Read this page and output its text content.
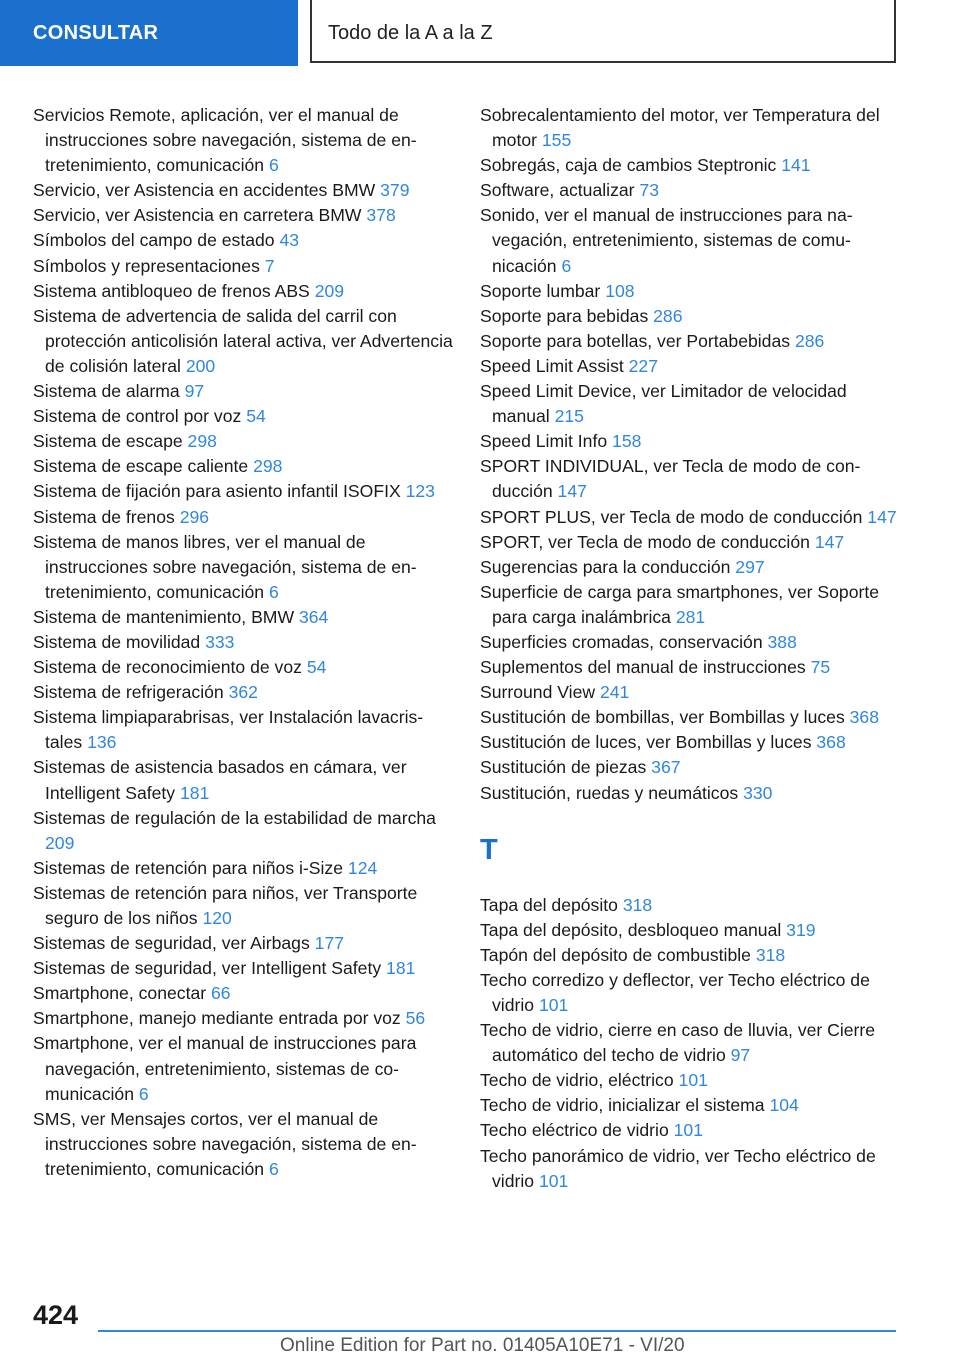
CONSULTAR	Todo de la A a la Z
Servicios Remote, aplicación, ver el manual de instrucciones sobre navegación, sistema de entretenimiento, comunicación 6
Servicio, ver Asistencia en accidentes BMW 379
Servicio, ver Asistencia en carretera BMW 378
Símbolos del campo de estado 43
Símbolos y representaciones 7
Sistema antibloqueo de frenos ABS 209
Sistema de advertencia de salida del carril con protección anticolisión lateral activa, ver Advertencia de colisión lateral 200
Sistema de alarma 97
Sistema de control por voz 54
Sistema de escape 298
Sistema de escape caliente 298
Sistema de fijación para asiento infantil ISOFIX 123
Sistema de frenos 296
Sistema de manos libres, ver el manual de instrucciones sobre navegación, sistema de entretenimiento, comunicación 6
Sistema de mantenimiento, BMW 364
Sistema de movilidad 333
Sistema de reconocimiento de voz 54
Sistema de refrigeración 362
Sistema limpiaparabrisas, ver Instalación lavacristales 136
Sistemas de asistencia basados en cámara, ver Intelligent Safety 181
Sistemas de regulación de la estabilidad de marcha 209
Sistemas de retención para niños i-Size 124
Sistemas de retención para niños, ver Transporte seguro de los niños 120
Sistemas de seguridad, ver Airbags 177
Sistemas de seguridad, ver Intelligent Safety 181
Smartphone, conectar 66
Smartphone, manejo mediante entrada por voz 56
Smartphone, ver el manual de instrucciones para navegación, entretenimiento, sistemas de comunicación 6
SMS, ver Mensajes cortos, ver el manual de instrucciones sobre navegación, sistema de entretenimiento, comunicación 6
Sobrecalentamiento del motor, ver Temperatura del motor 155
Sobregás, caja de cambios Steptronic 141
Software, actualizar 73
Sonido, ver el manual de instrucciones para navegación, entretenimiento, sistemas de comunicación 6
Soporte lumbar 108
Soporte para bebidas 286
Soporte para botellas, ver Portabebidas 286
Speed Limit Assist 227
Speed Limit Device, ver Limitador de velocidad manual 215
Speed Limit Info 158
SPORT INDIVIDUAL, ver Tecla de modo de conducción 147
SPORT PLUS, ver Tecla de modo de conducción 147
SPORT, ver Tecla de modo de conducción 147
Sugerencias para la conducción 297
Superficie de carga para smartphones, ver Soporte para carga inalámbrica 281
Superficies cromadas, conservación 388
Suplementos del manual de instrucciones 75
Surround View 241
Sustitución de bombillas, ver Bombillas y luces 368
Sustitución de luces, ver Bombillas y luces 368
Sustitución de piezas 367
Sustitución, ruedas y neumáticos 330
T
Tapa del depósito 318
Tapa del depósito, desbloqueo manual 319
Tapón del depósito de combustible 318
Techo corredizo y deflector, ver Techo eléctrico de vidrio 101
Techo de vidrio, cierre en caso de lluvia, ver Cierre automático del techo de vidrio 97
Techo de vidrio, eléctrico 101
Techo de vidrio, inicializar el sistema 104
Techo eléctrico de vidrio 101
Techo panorámico de vidrio, ver Techo eléctrico de vidrio 101
424
Online Edition for Part no. 01405A10E71 - VI/20
